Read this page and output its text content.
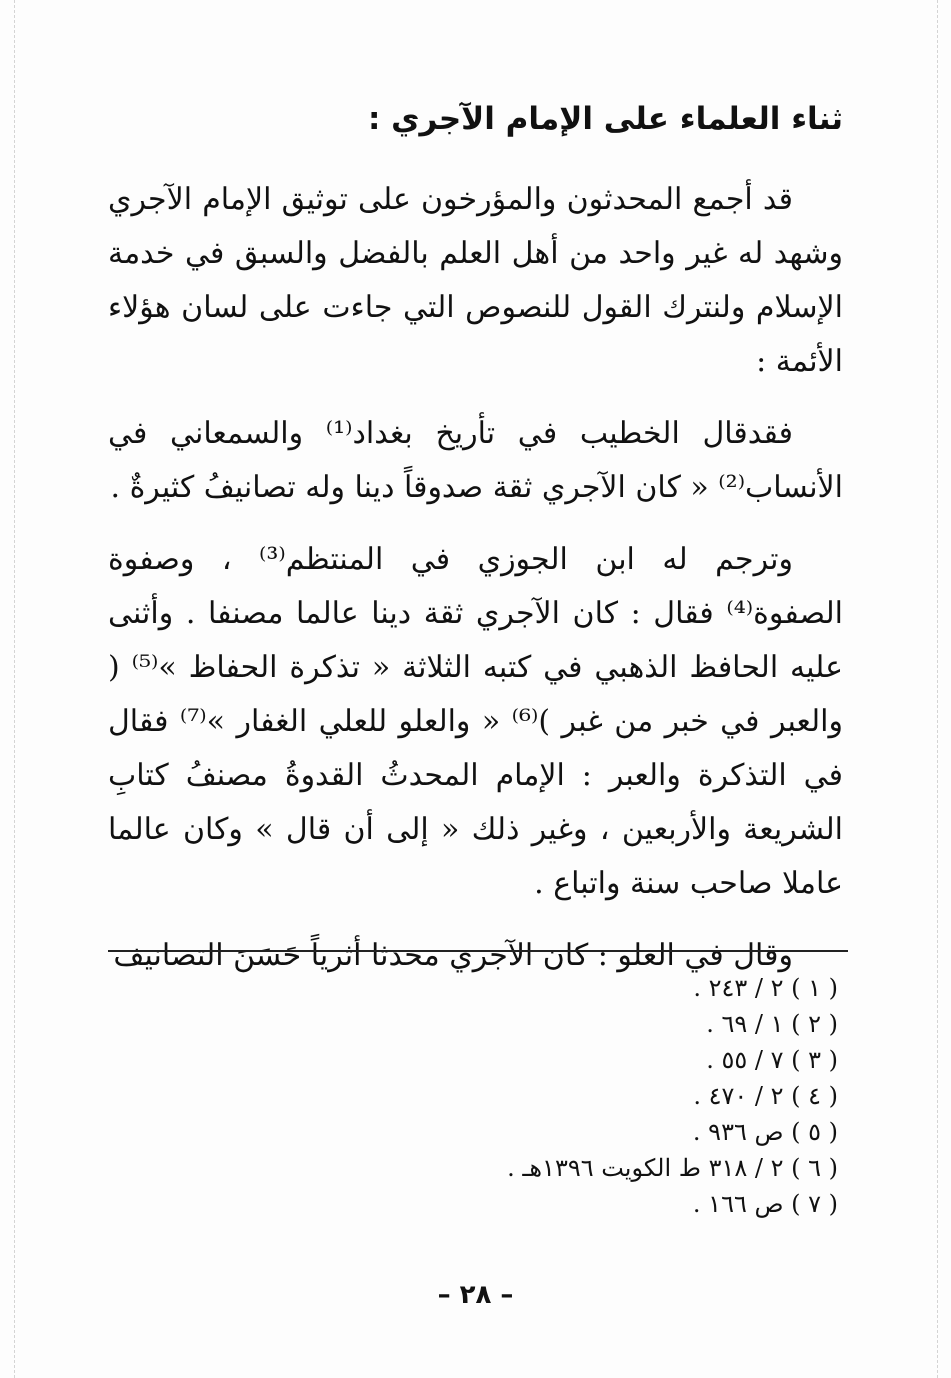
ثناء العلماء على الإمام الآجري :

قد أجمع المحدثون والمؤرخون على توثيق الإمام الآجري وشهد له غير واحد من أهل العلم بالفضل والسبق في خدمة الإسلام ولنترك القول للنصوص التي جاءت على لسان هؤلاء الأئمة :

فقدقال الخطيب في تأريخ بغداد⁽¹⁾ والسمعاني في الأنساب⁽²⁾ « كان الآجري ثقة صدوقاً دينا وله تصانيفُ كثيرةٌ .

وترجم له ابن الجوزي في المنتظم⁽³⁾ ، وصفوة الصفوة⁽⁴⁾ فقال : كان الآجري ثقة دينا عالما مصنفا . وأثنى عليه الحافظ الذهبي في كتبه الثلاثة « تذكرة الحفاظ »⁽⁵⁾ ( والعبر في خبر من غبر )⁽⁶⁾ « والعلو للعلي الغفار »⁽⁷⁾ فقال في التذكرة والعبر : الإمام المحدثُ القدوةُ مصنفُ كتابِ الشريعة والأربعين ، وغير ذلك « إلى أن قال » وكان عالما عاملا صاحب سنة واتباع .

وقال في العلو : كان الآجري محدثا أثرياً حَسَنَ التصانيف

( ١ ) ٢ / ٢٤٣ .
( ٢ ) ١ / ٦٩ .
( ٣ ) ٧ / ٥٥ .
( ٤ ) ٢ / ٤٧٠ .
( ٥ ) ص ٩٣٦ .
( ٦ ) ٢ / ٣١٨ ط الكويت ١٣٩٦هـ .
( ٧ ) ص ١٦٦ .
– ٢٨ –
